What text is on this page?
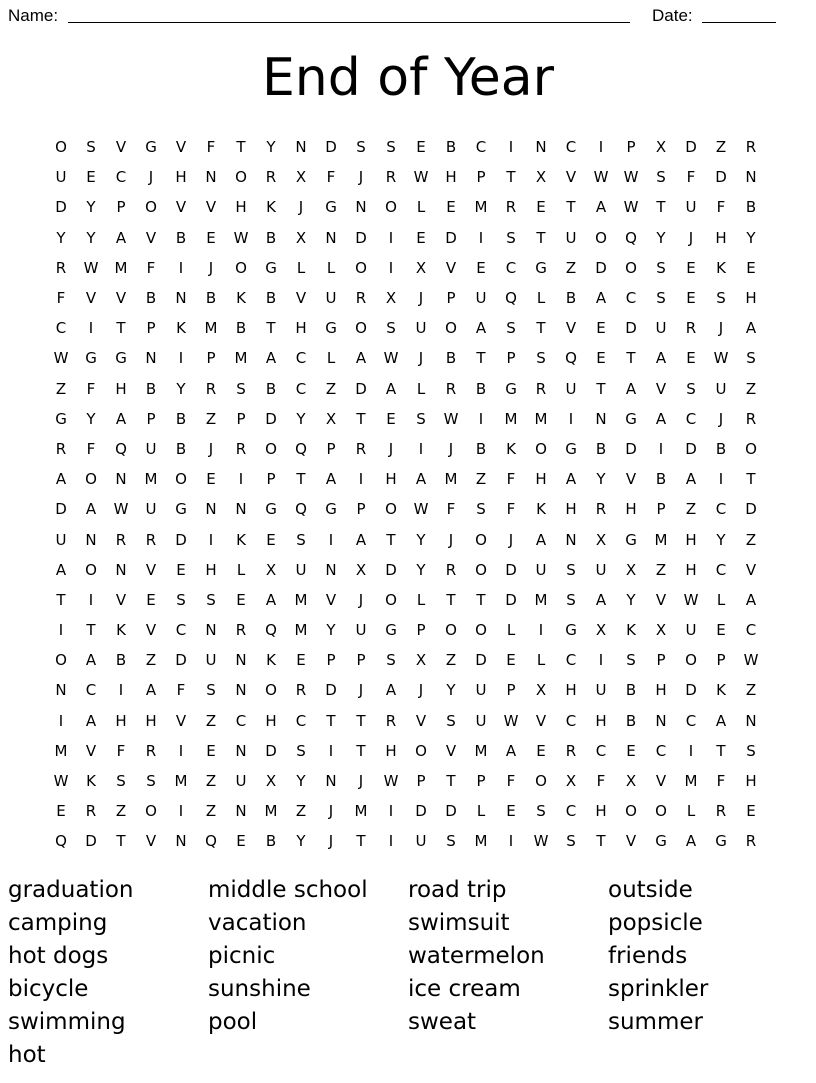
Name:	Date:
End of Year
O	S	V	G	V	F	T	Y	N	D	S	S	E	B	C	I	N	C	I	P	X	D	Z	R
U	E	C	J	H	N	O	R	X	F	J	R	W	H	P	T	X	V	W	W	S	F	D	N
D	Y	P	O	V	V	H	K	J	G	N	O	L	E	M	R	E	T	A	W	T	U	F	B
Y	Y	A	V	B	E	W	B	X	N	D	I	E	D	I	S	T	U	O	Q	Y	J	H	Y
R	W	M	F	I	J	O	G	L	L	O	I	X	V	E	C	G	Z	D	O	S	E	K	E
F	V	V	B	N	B	K	B	V	U	R	X	J	P	U	Q	L	B	A	C	S	E	S	H
C	I	T	P	K	M	B	T	H	G	O	S	U	O	A	S	T	V	E	D	U	R	J	A
W	G	G	N	I	P	M	A	C	L	A	W	J	B	T	P	S	Q	E	T	A	E	W	S
Z	F	H	B	Y	R	S	B	C	Z	D	A	L	R	B	G	R	U	T	A	V	S	U	Z
G	Y	A	P	B	Z	P	D	Y	X	T	E	S	W	I	M	M	I	N	G	A	C	J	R
R	F	Q	U	B	J	R	O	Q	P	R	J	I	J	B	K	O	G	B	D	I	D	B	O
A	O	N	M	O	E	I	P	T	A	I	H	A	M	Z	F	H	A	Y	V	B	A	I	T
D	A	W	U	G	N	N	G	Q	G	P	O	W	F	S	F	K	H	R	H	P	Z	C	D
U	N	R	R	D	I	K	E	S	I	A	T	Y	J	O	J	A	N	X	G	M	H	Y	Z
A	O	N	V	E	H	L	X	U	N	X	D	Y	R	O	D	U	S	U	X	Z	H	C	V
T	I	V	E	S	S	E	A	M	V	J	O	L	T	T	D	M	S	A	Y	V	W	L	A
I	T	K	V	C	N	R	Q	M	Y	U	G	P	O	O	L	I	G	X	K	X	U	E	C
O	A	B	Z	D	U	N	K	E	P	P	S	X	Z	D	E	L	C	I	S	P	O	P	W
N	C	I	A	F	S	N	O	R	D	J	A	J	Y	U	P	X	H	U	B	H	D	K	Z
I	A	H	H	V	Z	C	H	C	T	T	R	V	S	U	W	V	C	H	B	N	C	A	N
M	V	F	R	I	E	N	D	S	I	T	H	O	V	M	A	E	R	C	E	C	I	T	S
W	K	S	S	M	Z	U	X	Y	N	J	W	P	T	P	F	O	X	F	X	V	M	F	H
E	R	Z	O	I	Z	N	M	Z	J	M	I	D	D	L	E	S	C	H	O	O	L	R	E
Q	D	T	V	N	Q	E	B	Y	J	T	I	U	S	M	I	W	S	T	V	G	A	G	R
graduation
camping
hot dogs
bicycle
swimming
hot
middle school
vacation
picnic
sunshine
pool
road trip
swimsuit
watermelon
ice cream
sweat
outside
popsicle
friends
sprinkler
summer
